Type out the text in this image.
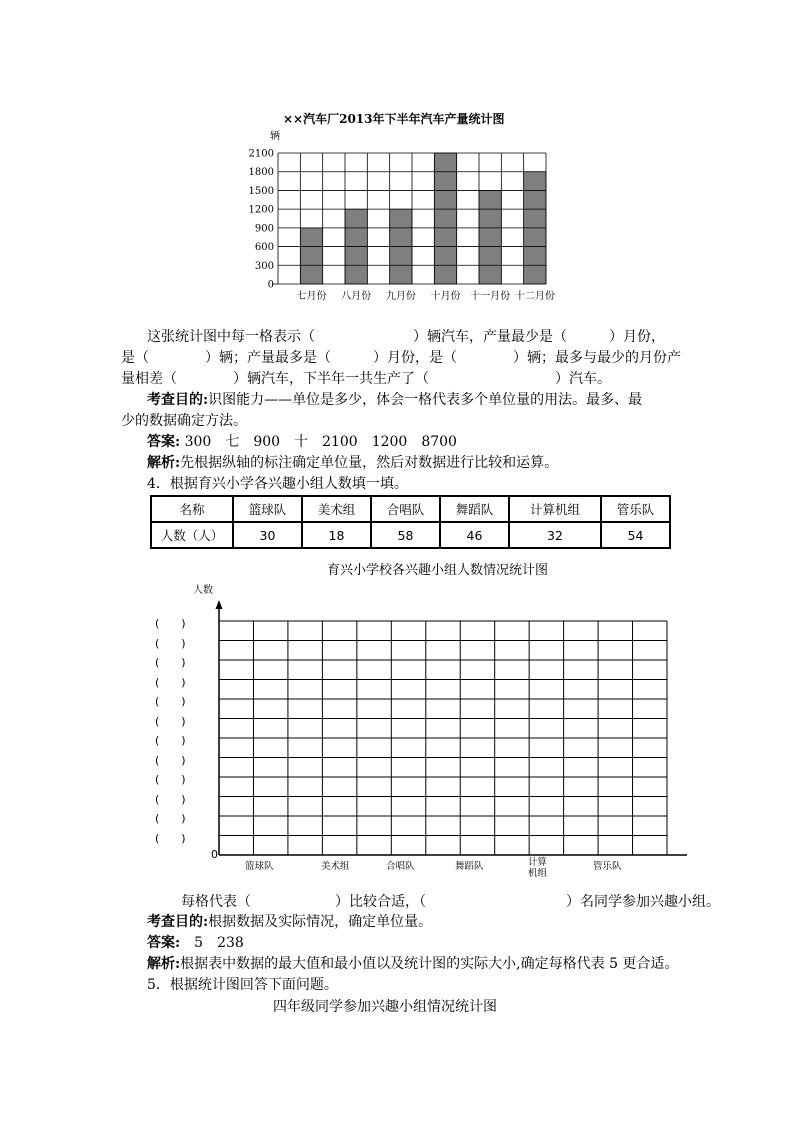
××汽车厂2013年下半年汽车产量统计图
辆
0
300
600
900
1200
1500
1800
2100
七月份 八月份 九月份 十月份 十一月份 十二月份
这张统计图中每一格表示（　　　　　　　）辆汽车，产量最少是（　　　）月份，
是（　　　　）辆；产量最多是（　　　）月份，是（　　　　）辆；最多与最少的月份产
量相差（　　　　）辆汽车，下半年一共生产了（　　　　　　　　　）汽车。
考查目的:识图能力——单位是多少，体会一格代表多个单位量的用法。最多、最
少的数据确定方法。
答案: 300　七　900　十　2100　1200　8700
解析:先根据纵轴的标注确定单位量，然后对数据进行比较和运算。
4．根据育兴小学各兴趣小组人数填一填。
名称	篮球队	美术组	合唱队	舞蹈队	计算机组	管乐队
人数（人）	30	18	58	46	32	54
育兴小学校各兴趣小组人数情况统计图
人数
(　　)
(　　)
(　　)
(　　)
(　　)
(　　)
(　　)
(　　)
(　　)
(　　)
(　　)
(　　)
0
篮球队	美术组	合唱队	舞蹈队	计算机组
管乐队
每格代表（　　　　　　）比较合适，（　　　　　　　　　　）名同学参加兴趣小组。
考查目的:根据数据及实际情况，确定单位量。
答案:　5　238
解析:根据表中数据的最大值和最小值以及统计图的实际大小,确定每格代表 5 更合适。
5．根据统计图回答下面问题。
四年级同学参加兴趣小组情况统计图
